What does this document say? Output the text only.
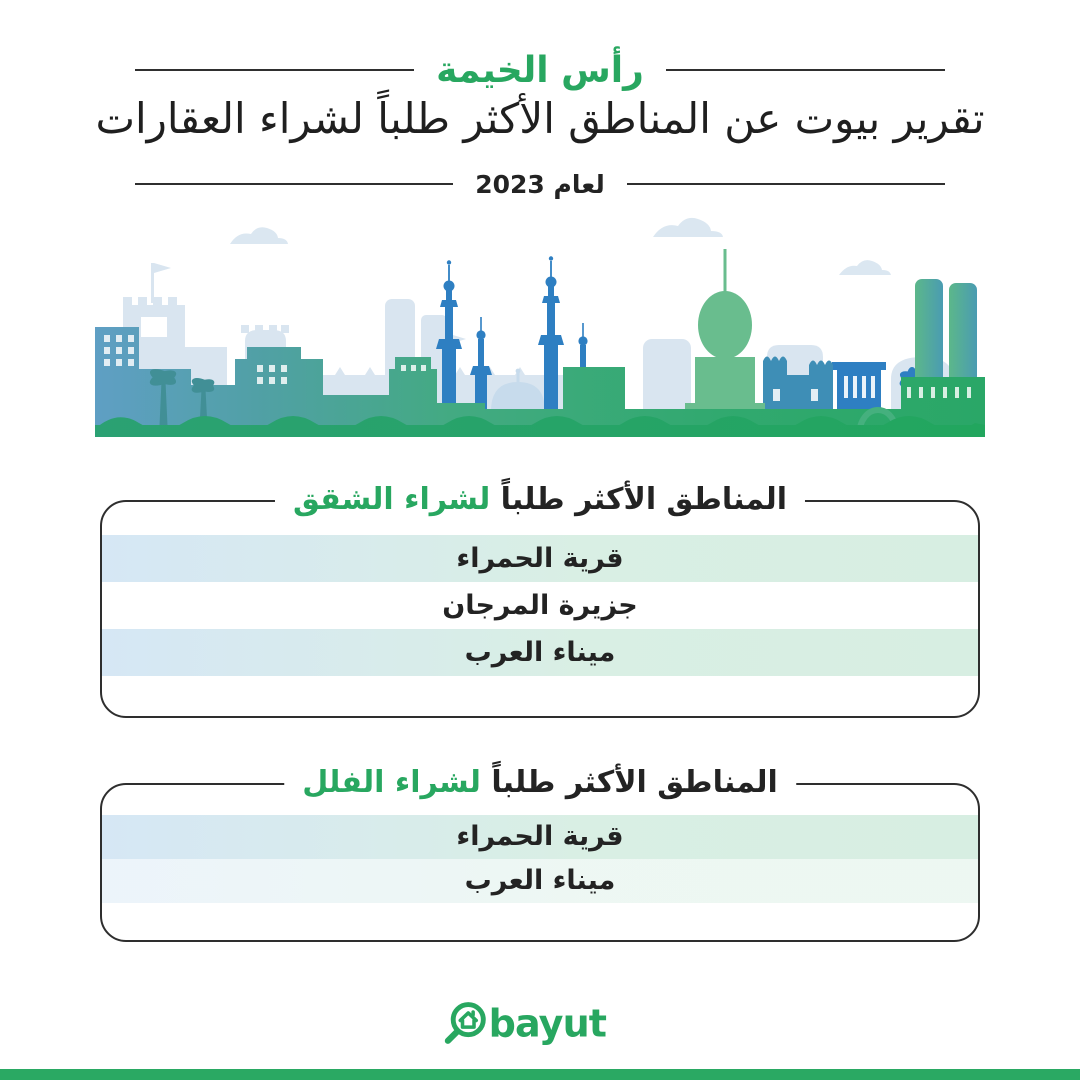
رأس الخيمة
تقرير بيوت عن المناطق الأكثر طلباً لشراء العقارات
لعام 2023
المناطق الأكثر طلباً لشراء الشقق
قرية الحمراء
جزيرة المرجان
ميناء العرب
المناطق الأكثر طلباً لشراء الفلل
قرية الحمراء
ميناء العرب
bayut
